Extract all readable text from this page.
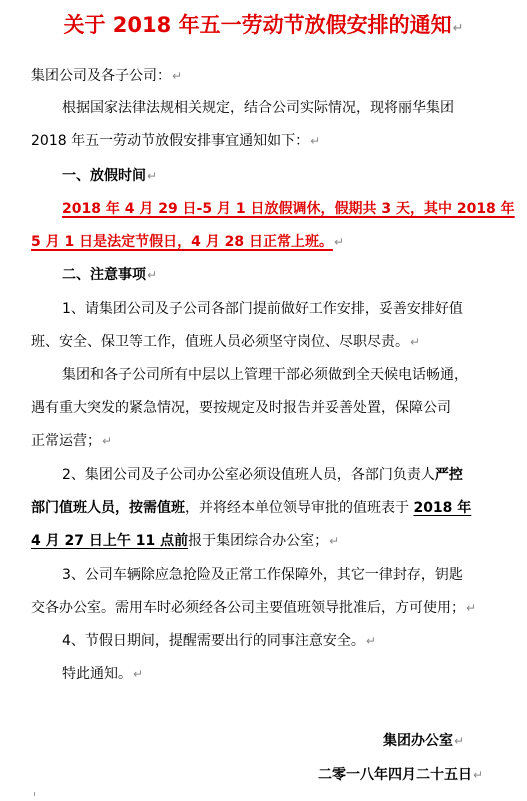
关于 2018 年五一劳动节放假安排的通知↵
集团公司及各子公司：↵
根据国家法律法规相关规定，结合公司实际情况，现将丽华集团
2018 年五一劳动节放假安排事宜通知如下：↵
一、放假时间↵
2018 年 4 月 29 日-5 月 1 日放假调休，假期共 3 天，其中 2018 年
5 月 1 日是法定节假日，4 月 28 日正常上班。↵
二、注意事项↵
1、请集团公司及子公司各部门提前做好工作安排，妥善安排好值
班、安全、保卫等工作，值班人员必须坚守岗位、尽职尽责。↵
集团和各子公司所有中层以上管理干部必须做到全天候电话畅通，
遇有重大突发的紧急情况，要按规定及时报告并妥善处置，保障公司
正常运营；↵
2、集团公司及子公司办公室必须设值班人员，各部门负责人严控
部门值班人员，按需值班，并将经本单位领导审批的值班表于 2018 年
4 月 27 日上午 11 点前报于集团综合办公室；↵
3、公司车辆除应急抢险及正常工作保障外，其它一律封存，钥匙
交各办公室。需用车时必须经各公司主要值班领导批准后，方可使用；↵
4、节假日期间，提醒需要出行的同事注意安全。↵
特此通知。↵
集团办公室↵
二零一八年四月二十五日↵
